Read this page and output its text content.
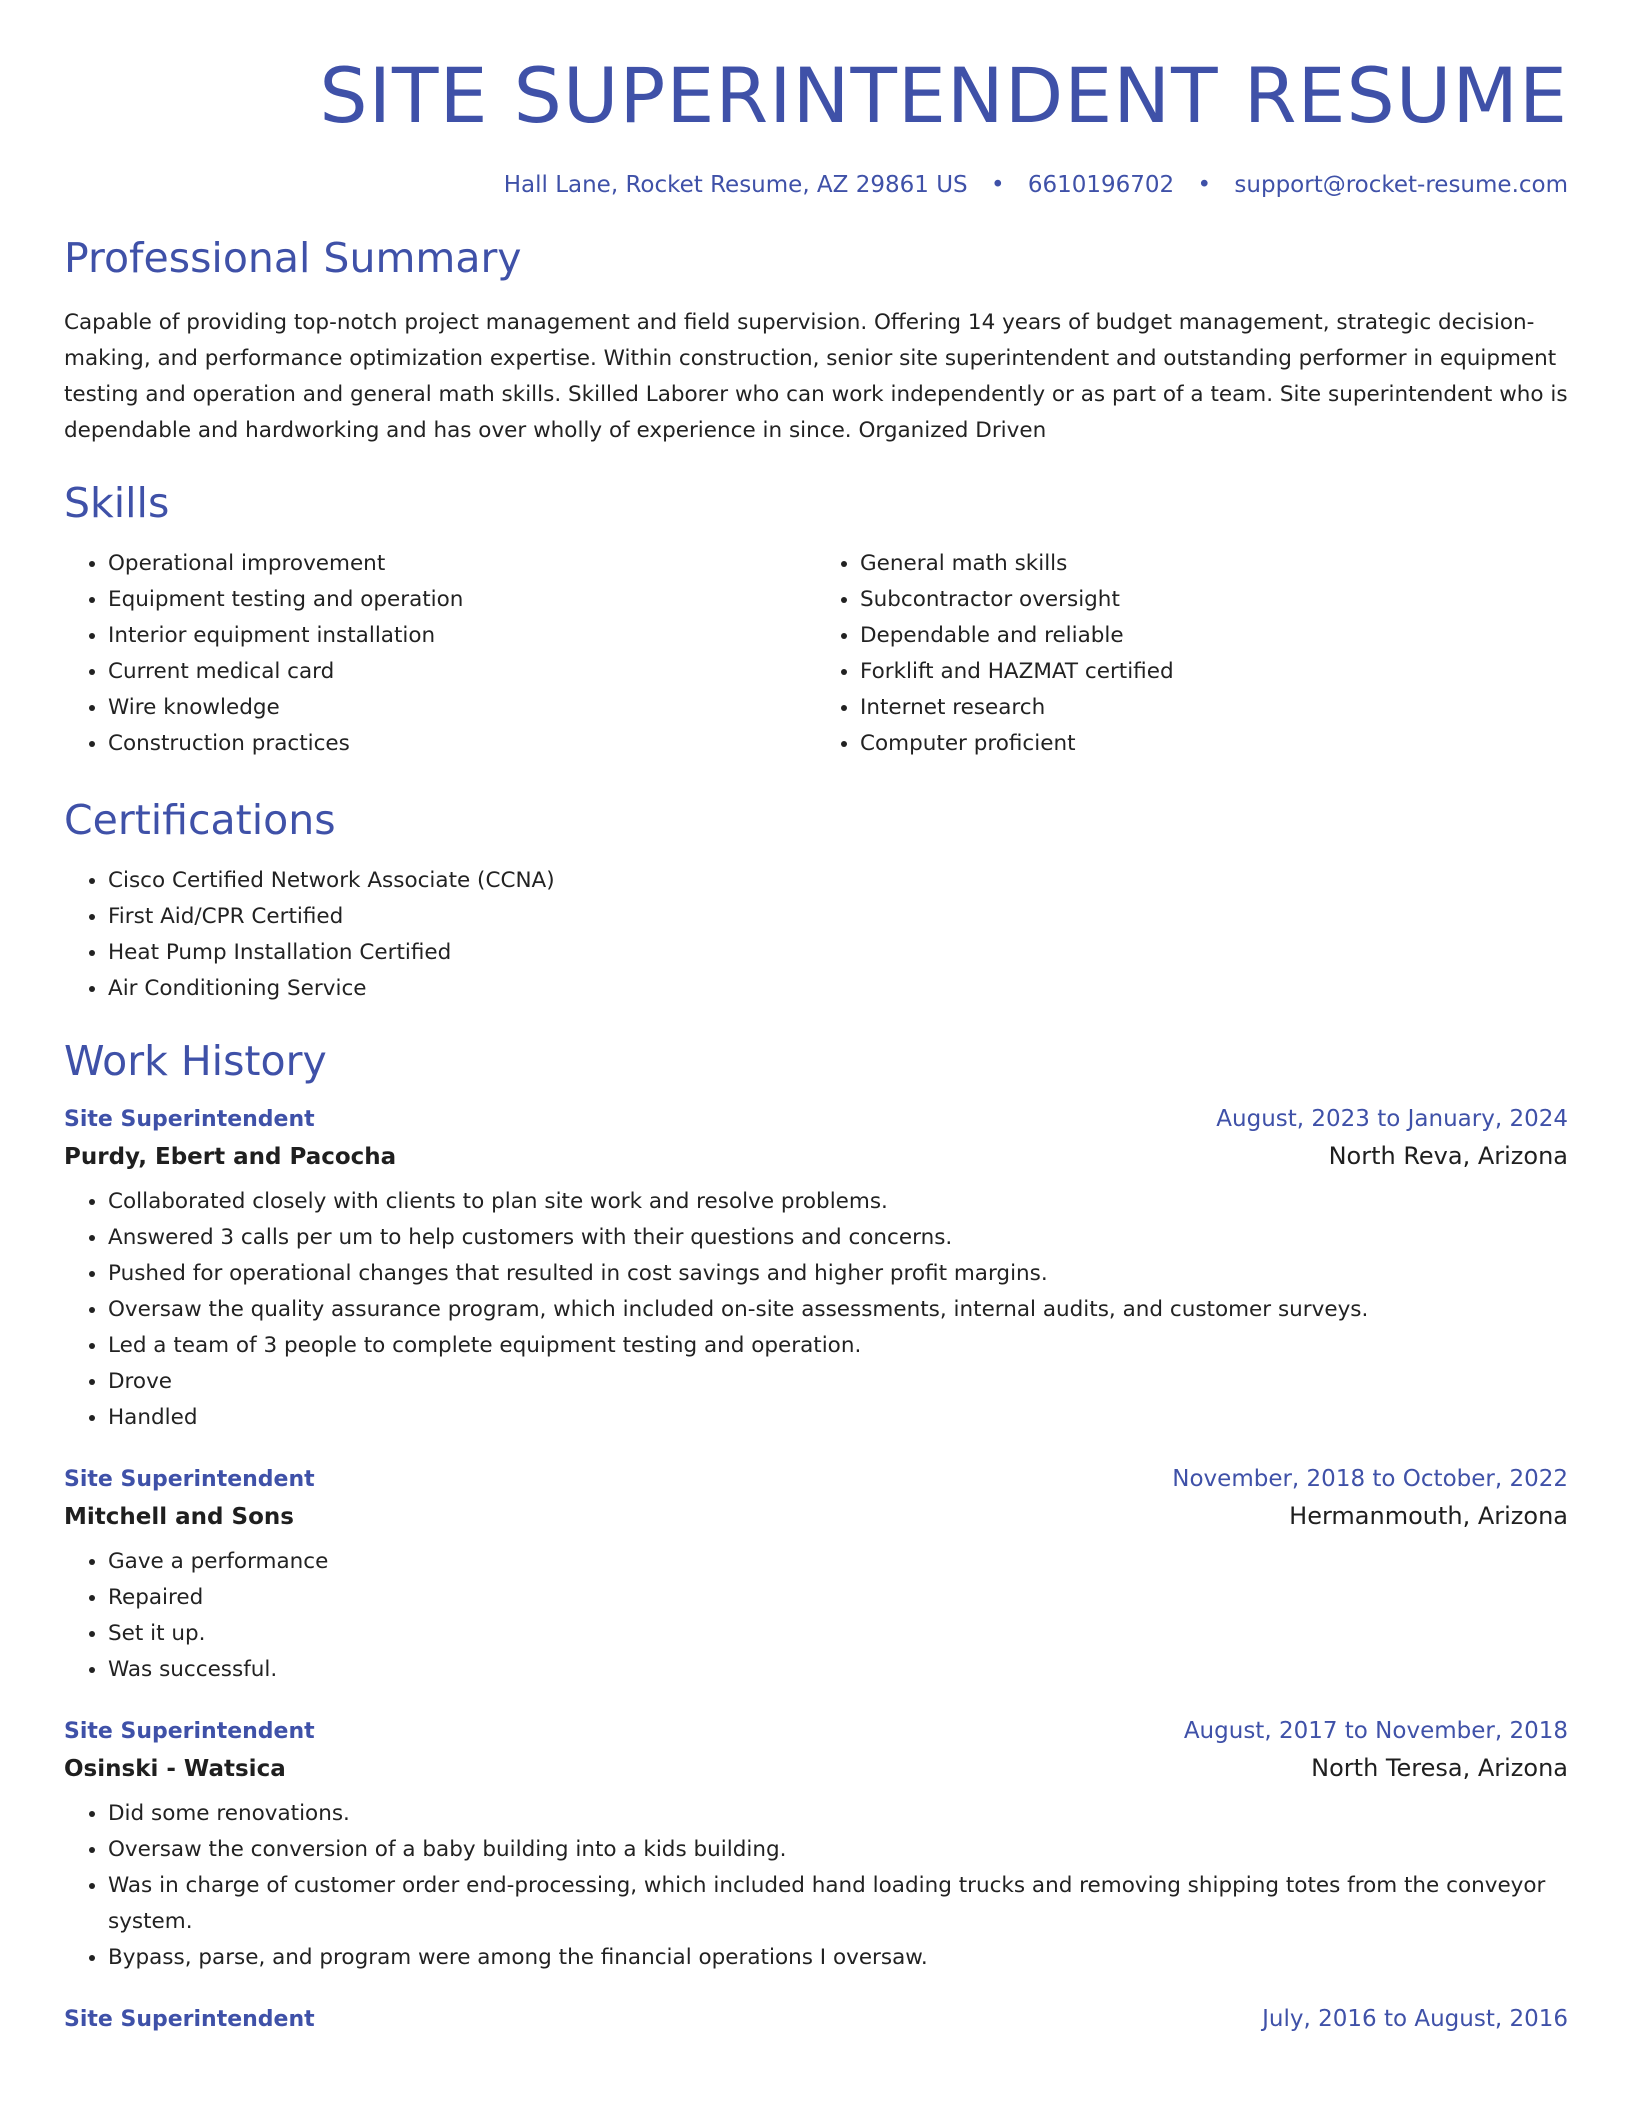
SITE SUPERINTENDENT RESUME
Hall Lane, Rocket Resume, AZ 29861 US • 6610196702 • support@rocket-resume.com
Professional Summary
Capable of providing top-notch project management and field supervision. Offering 14 years of budget management, strategic decision-making, and performance optimization expertise. Within construction, senior site superintendent and outstanding performer in equipment testing and operation and general math skills. Skilled Laborer who can work independently or as part of a team. Site superintendent who is dependable and hardworking and has over wholly of experience in since. Organized Driven
Skills
• Operational improvement
• Equipment testing and operation
• Interior equipment installation
• Current medical card
• Wire knowledge
• Construction practices
• General math skills
• Subcontractor oversight
• Dependable and reliable
• Forklift and HAZMAT certified
• Internet research
• Computer proficient
Certifications
• Cisco Certified Network Associate (CCNA)
• First Aid/CPR Certified
• Heat Pump Installation Certified
• Air Conditioning Service
Work History
Site Superintendent	August, 2023 to January, 2024
Purdy, Ebert and Pacocha	North Reva, Arizona
• Collaborated closely with clients to plan site work and resolve problems.
• Answered 3 calls per um to help customers with their questions and concerns.
• Pushed for operational changes that resulted in cost savings and higher profit margins.
• Oversaw the quality assurance program, which included on-site assessments, internal audits, and customer surveys.
• Led a team of 3 people to complete equipment testing and operation.
• Drove
• Handled
Site Superintendent	November, 2018 to October, 2022
Mitchell and Sons	Hermanmouth, Arizona
• Gave a performance
• Repaired
• Set it up.
• Was successful.
Site Superintendent	August, 2017 to November, 2018
Osinski - Watsica	North Teresa, Arizona
• Did some renovations.
• Oversaw the conversion of a baby building into a kids building.
• Was in charge of customer order end-processing, which included hand loading trucks and removing shipping totes from the conveyor system.
• Bypass, parse, and program were among the financial operations I oversaw.
Site Superintendent	July, 2016 to August, 2016
